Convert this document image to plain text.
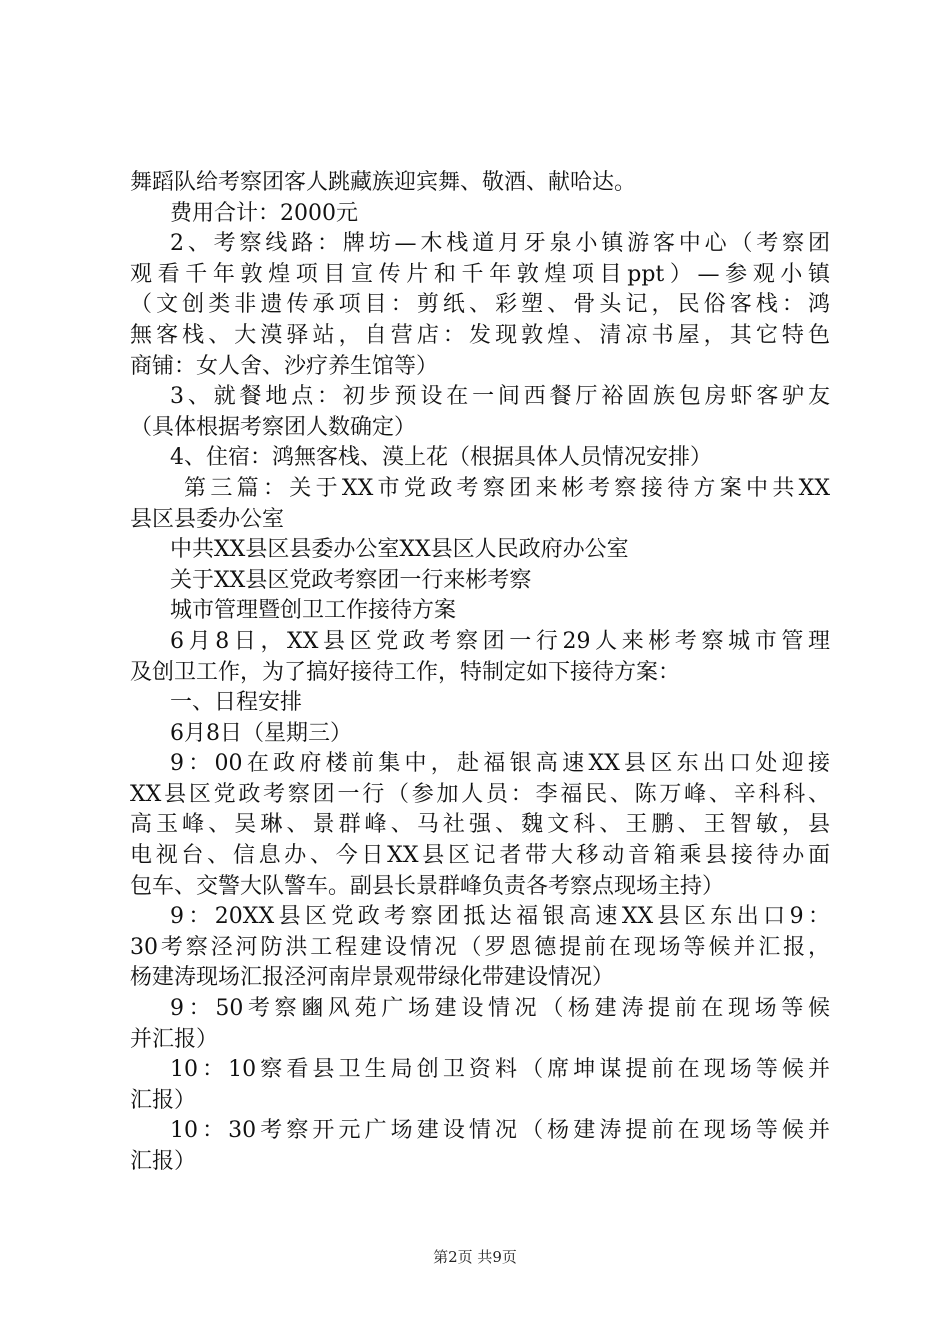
舞蹈队给考察团客人跳藏族迎宾舞、敬酒、献哈达。
费用合计：2000元
2、考察线路：牌坊—木栈道月牙泉小镇游客中心（考察团
观看千年敦煌项目宣传片和千年敦煌项目ppt）—参观小镇
（文创类非遗传承项目：剪纸、彩塑、骨头记，民俗客栈：鸿
無客栈、大漠驿站，自营店：发现敦煌、清凉书屋，其它特色
商铺：女人舍、沙疗养生馆等）
3、就餐地点：初步预设在一间西餐厅裕固族包房虾客驴友
（具体根据考察团人数确定）
4、住宿：鸿無客栈、漠上花（根据具体人员情况安排）
第三篇：关于XX市党政考察团来彬考察接待方案中共XX
县区县委办公室
中共XX县区县委办公室XX县区人民政府办公室
关于XX县区党政考察团一行来彬考察
城市管理暨创卫工作接待方案
6月8日，XX县区党政考察团一行29人来彬考察城市管理
及创卫工作，为了搞好接待工作，特制定如下接待方案：
一、日程安排
6月8日（星期三）
9：00在政府楼前集中，赴福银高速XX县区东出口处迎接
XX县区党政考察团一行（参加人员：李福民、陈万峰、辛科科、
高玉峰、吴琳、景群峰、马社强、魏文科、王鹏、王智敏，县
电视台、信息办、今日XX县区记者带大移动音箱乘县接待办面
包车、交警大队警车。副县长景群峰负责各考察点现场主持）
9：20XX县区党政考察团抵达福银高速XX县区东出口9：
30考察泾河防洪工程建设情况（罗恩德提前在现场等候并汇报，
杨建涛现场汇报泾河南岸景观带绿化带建设情况）
9：50考察豳风苑广场建设情况（杨建涛提前在现场等候
并汇报）
10：10察看县卫生局创卫资料（席坤谋提前在现场等候并
汇报）
10：30考察开元广场建设情况（杨建涛提前在现场等候并
汇报）
第2页 共9页
